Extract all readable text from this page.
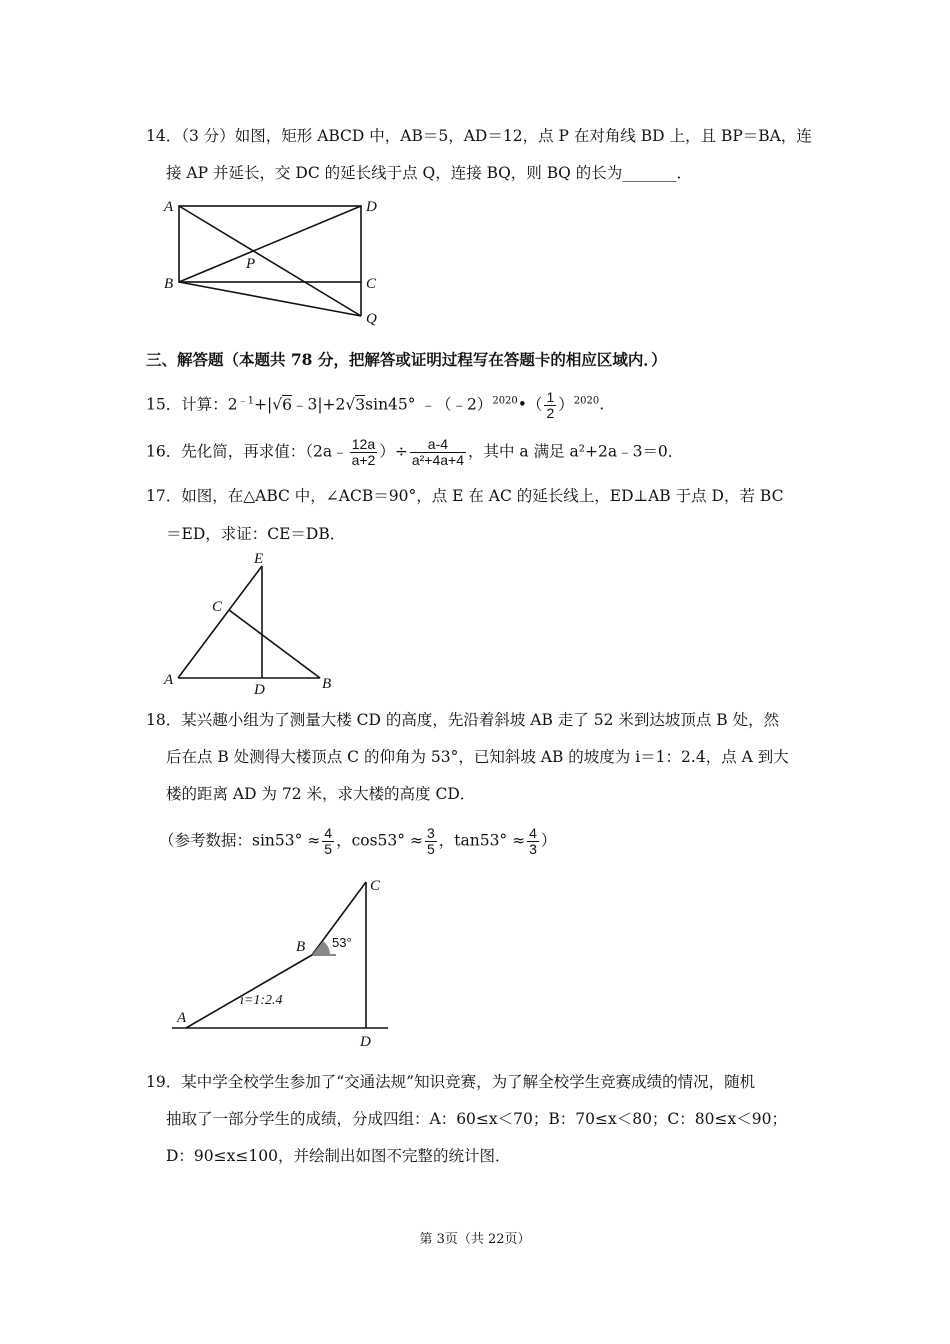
14．（3 分）如图，矩形 ABCD 中，AB＝5，AD＝12，点 P 在对角线 BD 上，且 BP＝BA，连
接 AP 并延长，交 DC 的延长线于点 Q，连接 BQ，则 BQ 的长为_______．
A	D
B	C
P
Q
三、解答题（本题共 78 分，把解答或证明过程写在答题卡的相应区域内．）
15．计算：$2^{﹣1}+|√6﹣3|+2√3\sin 45^\circ$ ﹣（﹣2）$^{2020}$•（ $\frac{1}{2} )^{2020}$.
16．先化简，再求值：（2a﹣ $\frac{12a}{a+2}$ ）÷ $\frac{a-4}{\text{a²+4a+4}}$ ，其中 a 满足 a²+2a﹣3＝0．
17．如图，在△ABC 中，∠ACB＝90°，点 E 在 AC 的延长线上，ED⊥AB 于点 D，若 BC
＝ED，求证：CE＝DB．
E
C
A
D	B
18．某兴趣小组为了测量大楼 CD 的高度，先沿着斜坡 AB 走了 52 米到达坡顶点 B 处，然
后在点 B 处测得大楼顶点 C 的仰角为 53°，已知斜坡 AB 的坡度为 i＝1：2.4，点 A 到大
楼的距离 AD 为 72 米，求大楼的高度 CD．
（参考数据：$\sin 53^\circ \approx \frac{4}{5}$ ，$\cos 53^\circ \approx \frac{3}{5}$ ，$\tan 53^\circ \approx \frac{4}{3}$ ）
C
B
A
D
53°
i=1:2.4
19．某中学全校学生参加了“交通法规”知识竞赛，为了解全校学生竞赛成绩的情况，随机
抽取了一部分学生的成绩，分成四组：A：60≤x＜70；B：70≤x＜80；C：80≤x＜90；
D：90≤x≤100，并绘制出如图不完整的统计图．
第 3页（共 22页）
